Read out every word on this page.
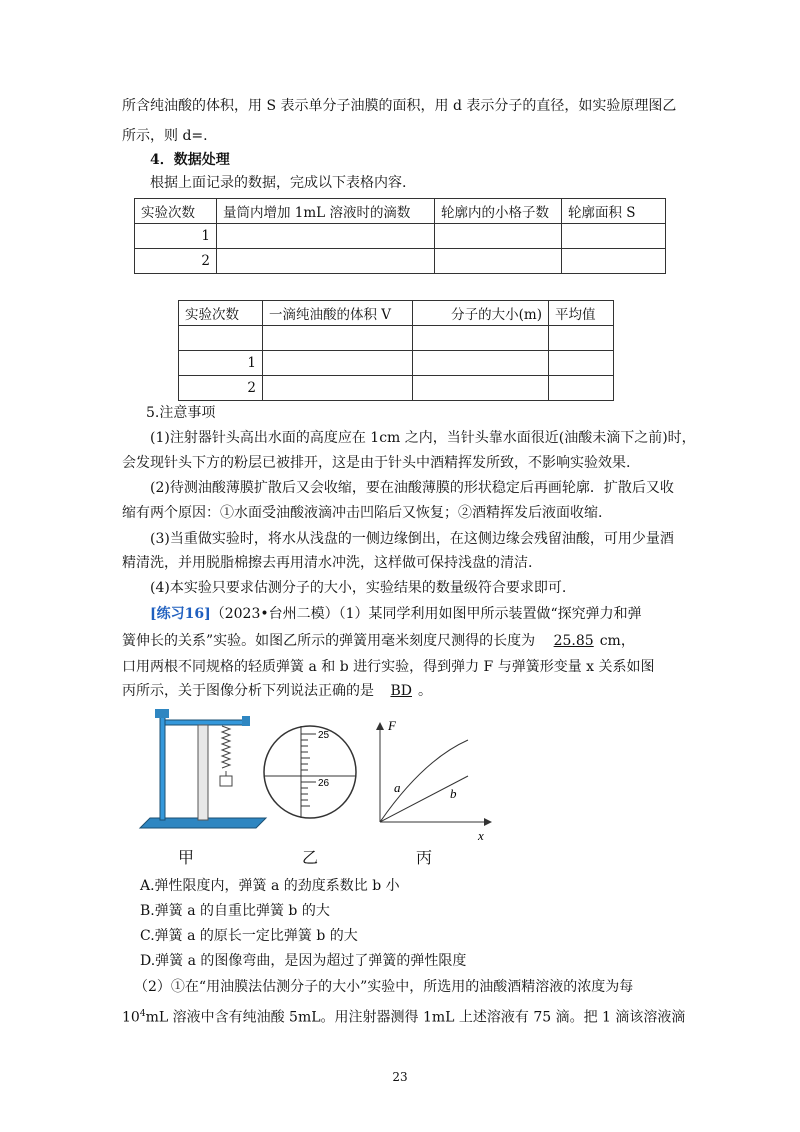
所含纯油酸的体积，用 S 表示单分子油膜的面积，用 d 表示分子的直径，如实验原理图乙
所示，则 d=.
4．数据处理
根据上面记录的数据，完成以下表格内容.
实验次数	量筒内增加 1mL 溶液时的滴数	轮廓内的小格子数	轮廓面积 S
1			
2			
实验次数	一滴纯油酸的体积 V	分子的大小(m)	平均值

1			
2			
5.注意事项
(1)注射器针头高出水面的高度应在 1cm 之内，当针头靠水面很近(油酸未滴下之前)时，
会发现针头下方的粉层已被排开，这是由于针头中酒精挥发所致，不影响实验效果.
(2)待测油酸薄膜扩散后又会收缩，要在油酸薄膜的形状稳定后再画轮廓．扩散后又收
缩有两个原因：①水面受油酸液滴冲击凹陷后又恢复；②酒精挥发后液面收缩.
(3)当重做实验时，将水从浅盘的一侧边缘倒出，在这侧边缘会残留油酸，可用少量酒
精清洗，并用脱脂棉擦去再用清水冲洗，这样做可保持浅盘的清洁.
(4)本实验只要求估测分子的大小，实验结果的数量级符合要求即可.
[练习16]（2023•台州二模）（1）某同学利用如图甲所示装置做“探究弹力和弹
簧伸长的关系”实验。如图乙所示的弹簧用毫米刻度尺测得的长度为 25.85 cm，
口用两根不同规格的轻质弹簧 a 和 b 进行实验，得到弹力 F 与弹簧形变量 x 关系如图
丙所示，关于图像分析下列说法正确的是 BD 。
25
26
F
x
a	b
甲	乙	丙
A.弹性限度内，弹簧 a 的劲度系数比 b 小
B.弹簧 a 的自重比弹簧 b 的大
C.弹簧 a 的原长一定比弹簧 b 的大
D.弹簧 a 的图像弯曲，是因为超过了弹簧的弹性限度
（2）①在“用油膜法估测分子的大小”实验中，所选用的油酸酒精溶液的浓度为每
$10^4mL$ 溶液中含有纯油酸 5mL。用注射器测得 1mL 上述溶液有 75 滴。把 1 滴该溶液滴
23
